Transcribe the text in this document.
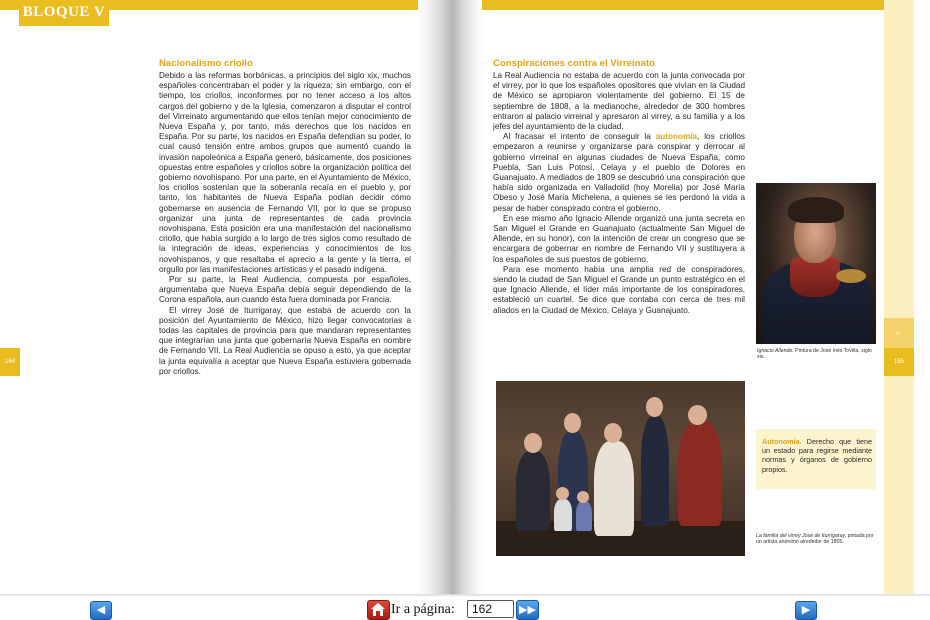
BLOQUE V
V
164	165
Nacionalismo criollo

Debido a las reformas borbónicas, a principios del siglo xix, muchos españoles concentraban el poder y la riqueza; sin embargo, con el tiempo, los criollos, inconformes por no tener acceso a los altos cargos del gobierno y de la Iglesia, comenzaron a disputar el control del Virreinato argumentando que ellos tenían mejor conocimiento de Nueva España y, por tanto, más derechos que los nacidos en España. Por su parte, los nacidos en España defendían su poder, lo cual causó tensión entre ambos grupos que aumentó cuando la invasión napoleónica a España generó, básicamente, dos posiciones opuestas entre españoles y criollos sobre la organización política del gobierno novohispano. Por una parte, en el Ayuntamiento de México, los criollos sostenían que la soberanía recaía en el pueblo y, por tanto, los habitantes de Nueva España podían decidir cómo gobernarse en ausencia de Fernando VII, por lo que se propuso organizar una junta de representantes de cada provincia novohispana. Esta posición era una manifestación del nacionalismo criollo, que había surgido a lo largo de tres siglos como resultado de la integración de ideas, experiencias y conocimientos de los novohispanos, y que resaltaba el aprecio a la gente y la tierra, el orgullo por las manifestaciones artísticas y el pasado indígena.

Por su parte, la Real Audiencia, compuesta por españoles, argumentaba que Nueva España debía seguir dependiendo de la Corona española, aun cuando ésta fuera dominada por Francia.

El virrey José de Iturrigaray, que estaba de acuerdo con la posición del Ayuntamiento de México, hizo llegar convocatorias a todas las capitales de provincia para que mandaran representantes que integrarían una junta que gobernaría Nueva España en nombre de Fernando VII. La Real Audiencia se opuso a esto, ya que aceptar la junta equivalía a aceptar que Nueva España estuviera gobernada por criollos.

Conspiraciones contra el Virreinato

La Real Audiencia no estaba de acuerdo con la junta convocada por el virrey, por lo que los españoles opositores que vivían en la Ciudad de México se apropiaron violentamente del gobierno. El 15 de septiembre de 1808, a la medianoche, alrededor de 300 hombres entraron al palacio virreinal y apresaron al virrey, a su familia y a los jefes del ayuntamiento de la ciudad.

Al fracasar el intento de conseguir la autonomía, los criollos empezaron a reunirse y organizarse para conspirar y derrocar al gobierno virreinal en algunas ciudades de Nueva España, como Puebla, San Luis Potosí, Celaya y el pueblo de Dolores en Guanajuato. A mediados de 1809 se descubrió una conspiración que había sido organizada en Valladolid (hoy Morelia) por José María Obeso y José María Michelena, a quienes se les perdonó la vida a pesar de haber conspirado contra el gobierno.

En ese mismo año Ignacio Allende organizó una junta secreta en San Miguel el Grande en Guanajuato (actualmente San Miguel de Allende, en su honor), con la intención de crear un congreso que se encargara de gobernar en nombre de Fernando VII y sustituyera a los españoles de sus puestos de gobierno.

Para ese momento había una amplia red de conspiradores, siendo la ciudad de San Miguel el Grande un punto estratégico en el que Ignacio Allende, el líder más importante de los conspiradores, estableció un cuartel. Se dice que contaba con cerca de tres mil aliados en la Ciudad de México, Celaya y Guanajuato.

Ignacio Allende. Pintura de José Inés Tovilla, siglo xix.
La familia del virrey José de Iturrigaray, pintada por un artista anónimo alrededor de 1805.
Autonomía. Derecho que tiene un estado para regirse mediante normas y órganos de gobierno propios.
◀	Ir a página:
162	▶▶	▶
